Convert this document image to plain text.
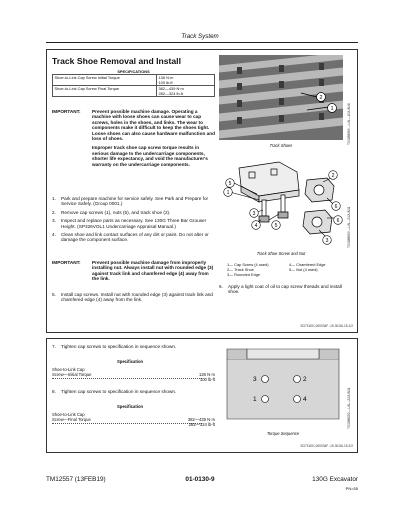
Track System
Track Shoe Removal and Install
SPECIFICATIONS	
Shoe-to-Link Cap Screw Initial Torque	136 N·m
100 lb-ft

Shoe-to-Link Cap Screw Final Torque	382—439 N·m
282—324 lb-ft
IMPORTANT:	Prevent possible machine damage. Operating a machine with loose shoes can cause wear to cap screws, holes in the shoes, and links. The wear to components make it difficult to keep the shoes tight. Loose shoes can also cause hardware malfunction and loss of shoes.
Improper track shoe cap screw torque results in serious damage to the undercarriage components, shorter life expectancy, and void the manufacturer's warranty on the undercarriage components.
1.	Park and prepare machine for service safely. See Park and Prepare for Service Safely. (Group 0001.)
2.	Remove cap screws (1), nuts (5), and track shoe (2).
3.	Inspect and replace parts as necessary. See 130G Three Bar Grouser Height. (SP326VOL1 Undercarriage Appraisal Manual.)
4.	Clean shoe and link contact surfaces of any dirt or paint. Do not alter or damage the component surface.
IMPORTANT:	Prevent possible machine damage from improperly installing nut. Always install nut with rounded edge (3) against track link and chamfered edge (4) away from the link.
5.	Install cap screws. Install nut with rounded edge (3) against track link and chamfered edge (4) away from the link.
2
1
Track Shoes
TX1088889 —UN—19JUN18
5
1
3
4	5
2
6
6
3
Track Shoe Screw and Nut
TX1088890 —UN—21JUN11
1— Cap Screw (4 used)
2— Track Shoe
3— Rounded Edge
4— Chamfered Edge
5— Nut (4 used)
6.	Apply a light coat of oil to cap screw threads and install shoe.
SG7130I1,000034F -19-30JUL15-1/2
7.	Tighten cap screws to specification in sequence shown.
Specification
Shoe-to-Link Cap
Screw—Initial Torque	136 N·m
100 lb-ft
8.	Tighten cap screws to specification in sequence shown.
Specification
Shoe-to-Link Cap
Screw—Final Torque	382—439 N·m
282—324 lb-ft
3	2
1	4
Torque Sequence
TX1088050 —UN—21JUN11
SG7130I1,000034F -19-30JUL15-2/2
TM12557 (13FEB19)	01-0130-9	130G Excavator
PN=55
